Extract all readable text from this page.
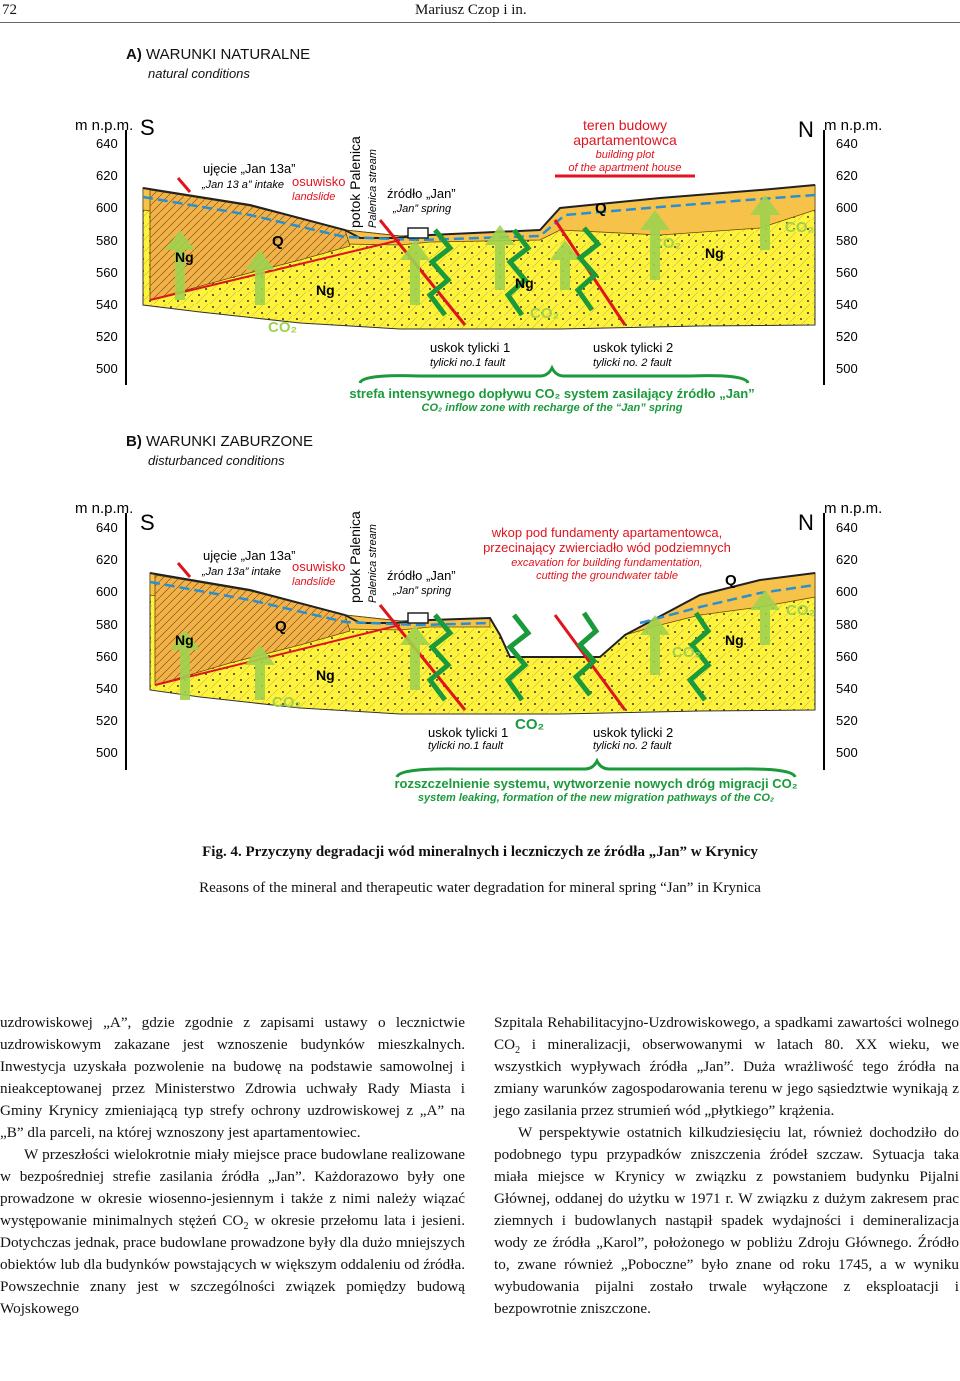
72	Mariusz Czop i in.
A) WARUNKI NATURALNE
natural conditions
m n.p.m. S
640
620
600
580
560
540
520
500
m n.p.m.
N
640
620
600
580
560
540
520
500
Ng
Ng	Ng
Ng
Q
Q
CO₂
CO₂
CO₂
CO₂
ujęcie „Jan 13a”
„Jan 13 a” intake osuwisko
landslide potok Palenica Palenica stream źródło „Jan”
„Jan” spring
teren budowy
apartamentowca
building plot
of the apartment house
uskok tylicki 1
tylicki no.1 fault
uskok tylicki 2
tylicki no. 2 fault
strefa intensywnego dopływu CO₂ system zasilający źródło „Jan”
CO₂ inflow zone with recharge of the “Jan” spring
B) WARUNKI ZABURZONE
disturbanced conditions
m n.p.m.
S
640
620
600
580
560
540
520
500
m n.p.m.
N 640
620
600
580
560
540
520
500
Ng
Ng
Ng
Q
Q
CO₂
CO₂
CO₂
CO₂
ujęcie „Jan 13a”
„Jan 13a” intake osuwisko
landslide potok Palenica Palenica stream źródło „Jan”
„Jan” spring
wkop pod fundamenty apartamentowca,
przecinający zwierciadło wód podziemnych
excavation for building fundamentation,
cutting the groundwater table
uskok tylicki 1
tylicki no.1 fault
uskok tylicki 2
tylicki no. 2 fault
rozszczelnienie systemu, wytworzenie nowych dróg migracji CO₂
system leaking, formation of the new migration pathways of the CO₂
Fig. 4. Przyczyny degradacji wód mineralnych i leczniczych ze źródła „Jan” w Krynicy
Reasons of the mineral and therapeutic water degradation for mineral spring “Jan” in Krynica

uzdrowiskowej „A”, gdzie zgodnie z zapisami ustawy o lecznictwie uzdrowiskowym zakazane jest wznoszenie budynków mieszkalnych. Inwestycja uzyskała pozwolenie na budowę na podstawie samowolnej i nieakceptowanej przez Ministerstwo Zdrowia uchwały Rady Miasta i Gminy Krynicy zmieniającą typ strefy ochrony uzdrowiskowej z „A” na „B” dla parceli, na której wznoszony jest apartamentowiec.

W przeszłości wielokrotnie miały miejsce prace budowlane realizowane w bezpośredniej strefie zasilania źródła „Jan”. Każdorazowo były one prowadzone w okresie wiosenno-jesiennym i także z nimi należy wiązać występowanie minimalnych stężeń $CO_2$ w okresie przełomu lata i jesieni. Dotychczas jednak, prace budowlane prowadzone były dla dużo mniejszych obiektów lub dla budynków powstających w większym oddaleniu od źródła. Powszechnie znany jest w szczególności związek pomiędzy budową Wojskowego

Szpitala Rehabilitacyjno-Uzdrowiskowego, a spadkami zawartości wolnego $CO_2$ i mineralizacji, obserwowanymi w latach 80. XX wieku, we wszystkich wypływach źródła „Jan”. Duża wrażliwość tego źródła na zmiany warunków zagospodarowania terenu w jego sąsiedztwie wynikają z jego zasilania przez strumień wód „płytkiego” krążenia.

W perspektywie ostatnich kilkudziesięciu lat, również dochodziło do podobnego typu przypadków zniszczenia źródeł szczaw. Sytuacja taka miała miejsce w Krynicy w związku z powstaniem budynku Pijalni Głównej, oddanej do użytku w 1971 r. W związku z dużym zakresem prac ziemnych i budowlanych nastąpił spadek wydajności i demineralizacja wody ze źródła „Karol”, położonego w pobliżu Zdroju Głównego. Źródło to, zwane również „Poboczne” było znane od roku 1745, a w wyniku wybudowania pijalni zostało trwale wyłączone z eksploatacji i bezpowrotnie zniszczone.
